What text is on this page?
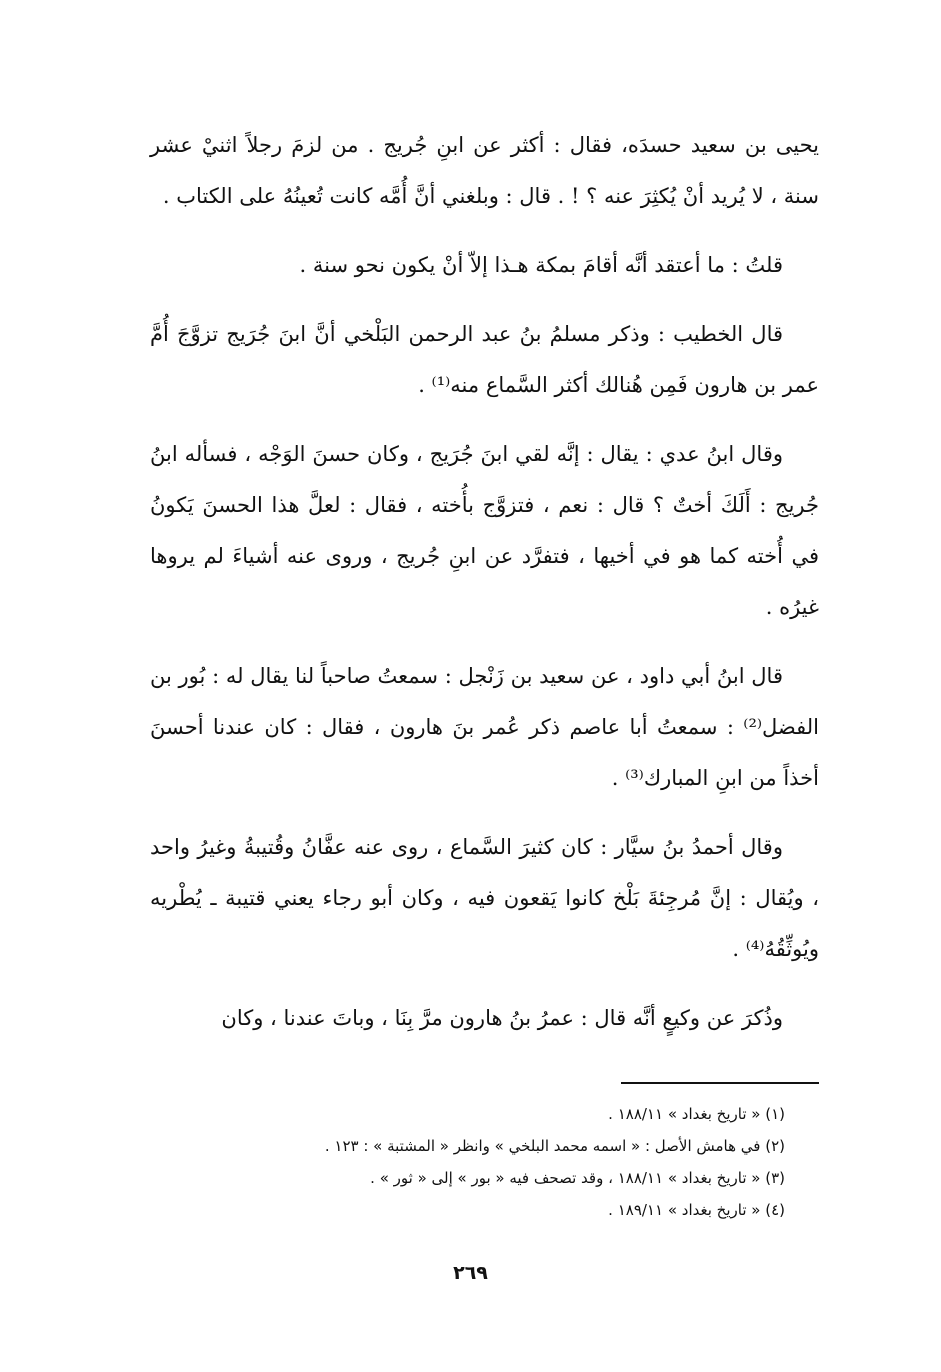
يحيى بن سعيد حسدَه، فقال : أكثر عن ابنِ جُريج . من لزمَ رجلاً اثنيْ عشر سنة ، لا يُريد أنْ يُكثِرَ عنه ؟ ! . قال : وبلغني أنَّ أُمَّه كانت تُعينُهُ على الكتاب .

قلتُ : ما أعتقد أنَّه أقامَ بمكة هـذا إلاّ أنْ يكون نحو سنة .

قال الخطيب : وذكر مسلمُ بنُ عبد الرحمن البَلْخي أنَّ ابنَ جُرَيج تزوَّجَ أُمَّ عمر بن هارون فَمِن هُنالك أكثر السَّماع منه⁽¹⁾ .

وقال ابنُ عدي : يقال : إنَّه لقي ابنَ جُرَيج ، وكان حسنَ الوَجْه ، فسأله ابنُ جُريج : أَلَكَ أختٌ ؟ قال : نعم ، فتزوَّج بأُخته ، فقال : لعلَّ هذا الحسنَ يَكونُ في أُخته كما هو في أخيها ، فتفرَّد عن ابنِ جُريج ، وروى عنه أشياءَ لم يروها غيرُه .

قال ابنُ أبي داود ، عن سعيد بن زَنْجل : سمعتُ صاحباً لنا يقال له : بُور بن الفضل⁽²⁾ : سمعتُ أبا عاصم ذكر عُمر بنَ هارون ، فقال : كان عندنا أحسنَ أخذاً من ابنِ المبارك⁽³⁾ .

وقال أحمدُ بنُ سيَّار : كان كثيرَ السَّماع ، روى عنه عفَّانُ وقُتيبةُ وغيرُ واحد ، ويُقال : إنَّ مُرجِئةَ بَلْخ كانوا يَقعون فيه ، وكان أبو رجاء يعني قتيبة ـ يُطْريه ويُوثِّقُهُ⁽⁴⁾ .

وذُكرَ عن وكيعٍ أنَّه قال : عمرُ بنُ هارون مرَّ بِنَا ، وباتَ عندنا ، وكان

(١) « تاريخ بغداد » ١٨٨/١١ .
(٢) في هامش الأصل : « اسمه محمد البلخي » وانظر « المشتبة » : ١٢٣ .
(٣) « تاريخ بغداد » ١٨٨/١١ ، وقد تصحف فيه « بور » إلى « ثور » .
(٤) « تاريخ بغداد » ١٨٩/١١ .
٢٦٩
